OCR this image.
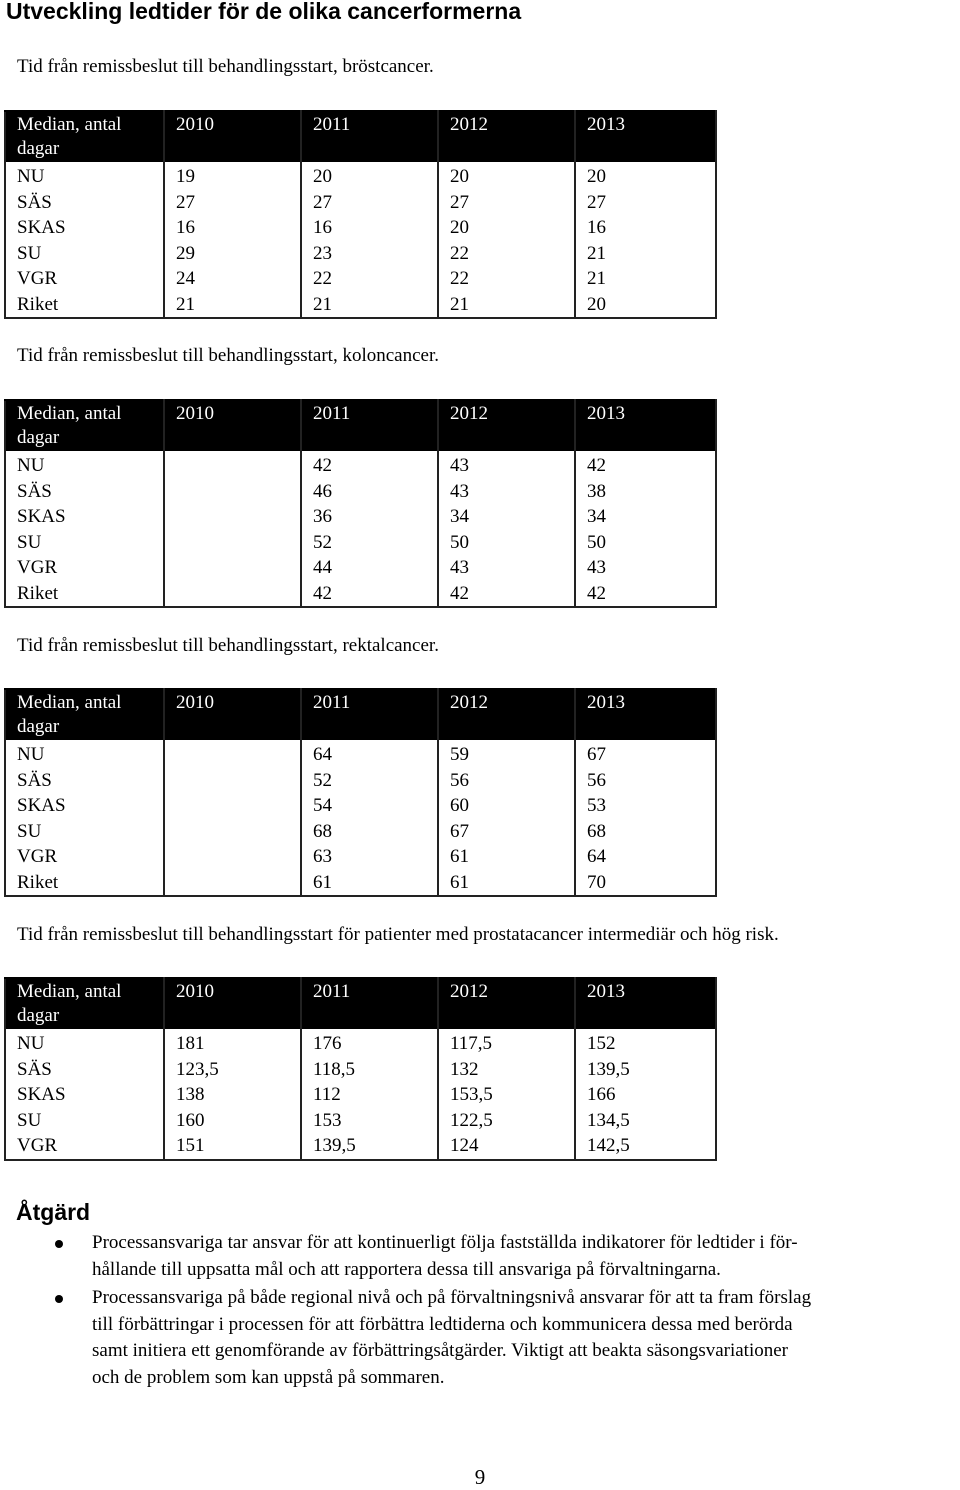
Utveckling ledtider för de olika cancerformerna

Tid från remissbeslut till behandlingsstart, bröstcancer.

Median, antal dagar	2010	2011	2012	2013
NU	19	20	20	20
SÄS	27	27	27	27
SKAS	16	16	20	16
SU	29	23	22	21
VGR	24	22	22	21
Riket	21	21	21	20

Tid från remissbeslut till behandlingsstart, koloncancer.

Median, antal dagar	2010	2011	2012	2013
NU		42	43	42
SÄS		46	43	38
SKAS		36	34	34
SU		52	50	50
VGR		44	43	43
Riket		42	42	42

Tid från remissbeslut till behandlingsstart, rektalcancer.

Median, antal dagar	2010	2011	2012	2013
NU		64	59	67
SÄS		52	56	56
SKAS		54	60	53
SU		68	67	68
VGR		63	61	64
Riket		61	61	70

Tid från remissbeslut till behandlingsstart för patienter med prostatacancer intermediär och hög risk.

Median, antal dagar	2010	2011	2012	2013
NU	181	176	117,5	152
SÄS	123,5	118,5	132	139,5
SKAS	138	112	153,5	166
SU	160	153	122,5	134,5
VGR	151	139,5	124	142,5
Åtgärd
Processansvariga tar ansvar för att kontinuerligt följa fastställda indikatorer för ledtider i för-
hållande till uppsatta mål och att rapportera dessa till ansvariga på förvaltningarna.
Processansvariga på både regional nivå och på förvaltningsnivå ansvarar för att ta fram förslag
till förbättringar i processen för att förbättra ledtiderna och kommunicera dessa med berörda
samt initiera ett genomförande av förbättringsåtgärder. Viktigt att beakta säsongsvariationer
och de problem som kan uppstå på sommaren.
9
